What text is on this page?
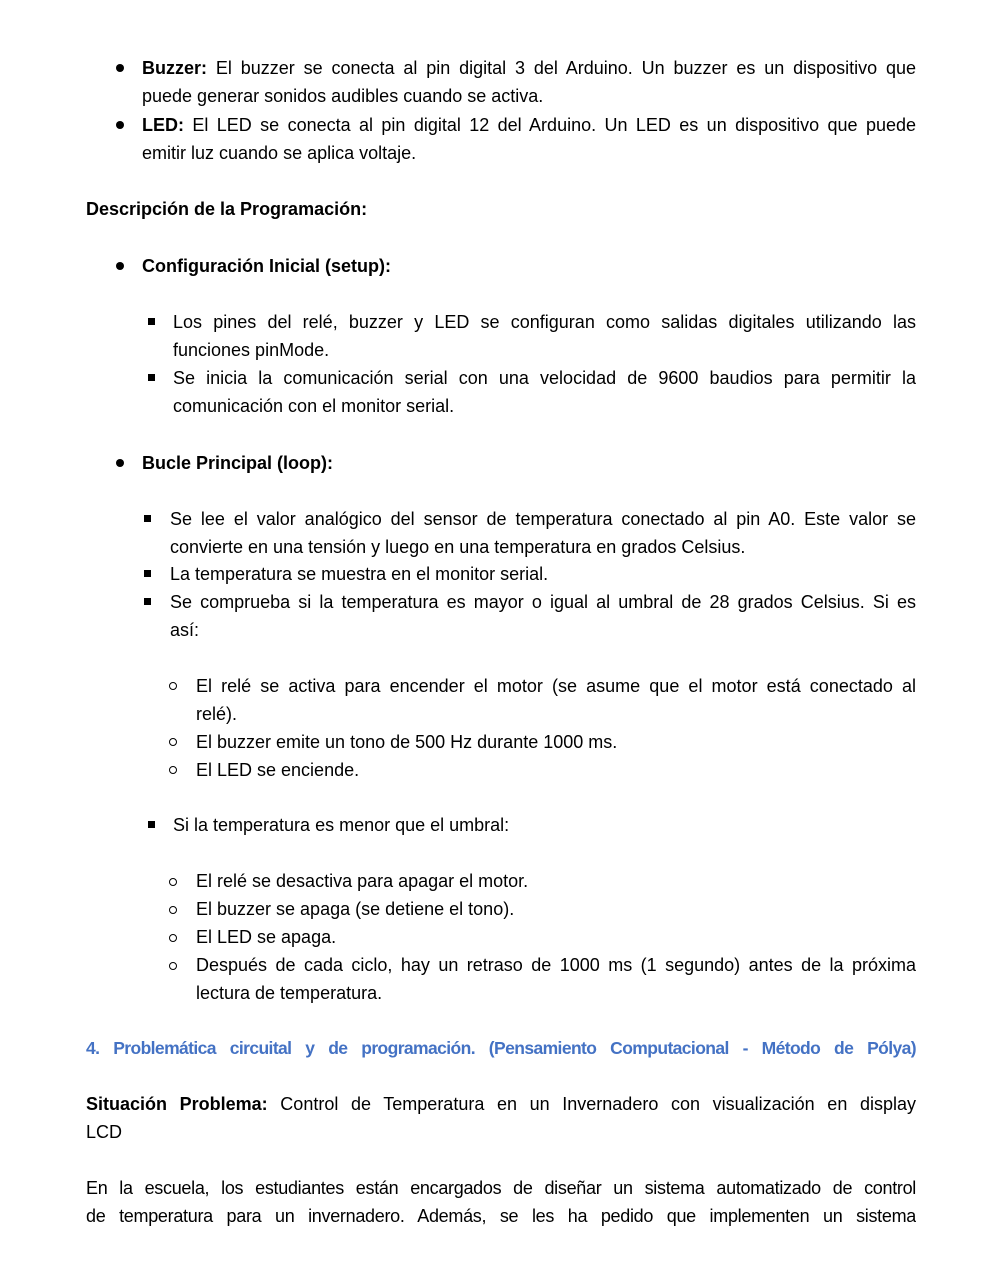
Buzzer: El buzzer se conecta al pin digital 3 del Arduino. Un buzzer es un dispositivo que
puede generar sonidos audibles cuando se activa.
LED: El LED se conecta al pin digital 12 del Arduino. Un LED es un dispositivo que puede
emitir luz cuando se aplica voltaje.
Descripción de la Programación:
Configuración Inicial (setup):
Los pines del relé, buzzer y LED se configuran como salidas digitales utilizando las
funciones pinMode.
Se inicia la comunicación serial con una velocidad de 9600 baudios para permitir la
comunicación con el monitor serial.
Bucle Principal (loop):
Se lee el valor analógico del sensor de temperatura conectado al pin A0. Este valor se
convierte en una tensión y luego en una temperatura en grados Celsius.
La temperatura se muestra en el monitor serial.
Se comprueba si la temperatura es mayor o igual al umbral de 28 grados Celsius. Si es
así:
El relé se activa para encender el motor (se asume que el motor está conectado al
relé).
El buzzer emite un tono de 500 Hz durante 1000 ms.
El LED se enciende.
Si la temperatura es menor que el umbral:
El relé se desactiva para apagar el motor.
El buzzer se apaga (se detiene el tono).
El LED se apaga.
Después de cada ciclo, hay un retraso de 1000 ms (1 segundo) antes de la próxima
lectura de temperatura.
4. Problemática circuital y de programación. (Pensamiento Computacional - Método de Pólya)
Situación Problema: Control de Temperatura en un Invernadero con visualización en display
LCD
En la escuela, los estudiantes están encargados de diseñar un sistema automatizado de control
de temperatura para un invernadero. Además, se les ha pedido que implementen un sistema
